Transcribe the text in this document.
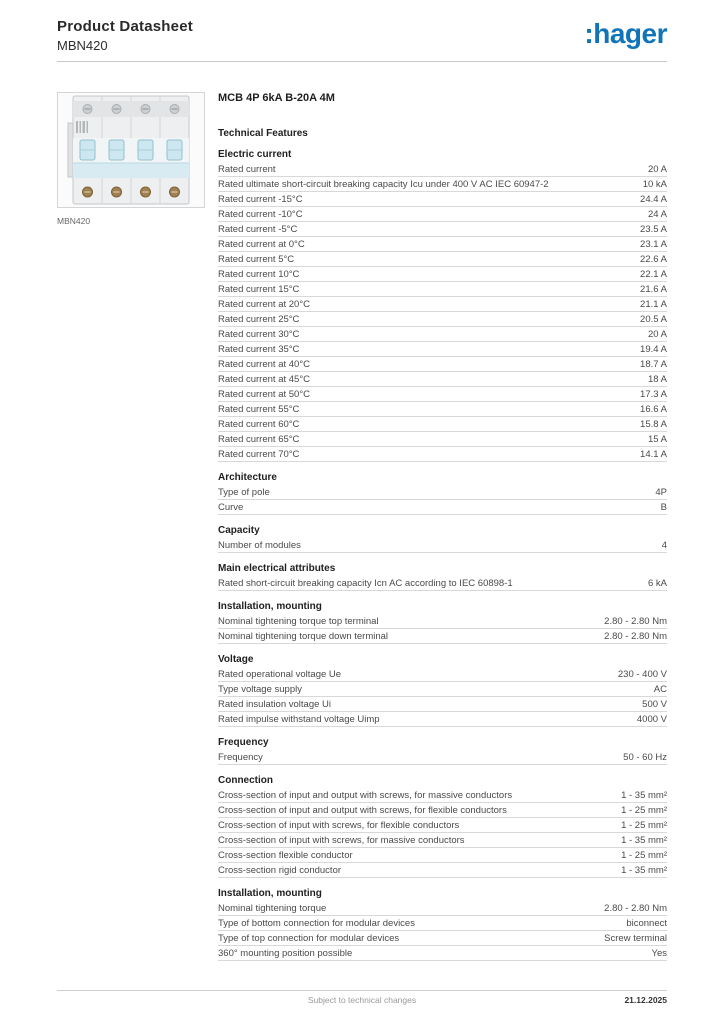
Product Datasheet
MBN420	:hager
MBN420
MCB 4P 6kA B-20A 4M
Technical Features
Electric current
Rated current	20 A
Rated ultimate short-circuit breaking capacity Icu under 400 V AC IEC 60947-2	10 kA
Rated current -15°C	24.4 A
Rated current -10°C	24 A
Rated current -5°C	23.5 A
Rated current at 0°C	23.1 A
Rated current 5°C	22.6 A
Rated current 10°C	22.1 A
Rated current 15°C	21.6 A
Rated current at 20°C	21.1 A
Rated current 25°C	20.5 A
Rated current 30°C	20 A
Rated current 35°C	19.4 A
Rated current at 40°C	18.7 A
Rated current at 45°C	18 A
Rated current at 50°C	17.3 A
Rated current 55°C	16.6 A
Rated current 60°C	15.8 A
Rated current 65°C	15 A
Rated current 70°C	14.1 A
Architecture
Type of pole	4P
Curve	B
Capacity
Number of modules	4
Main electrical attributes
Rated short-circuit breaking capacity Icn AC according to IEC 60898-1	6 kA
Installation, mounting
Nominal tightening torque top terminal	2.80 - 2.80 Nm
Nominal tightening torque down terminal	2.80 - 2.80 Nm
Voltage
Rated operational voltage Ue	230 - 400 V
Type voltage supply	AC
Rated insulation voltage Ui	500 V
Rated impulse withstand voltage Uimp	4000 V
Frequency
Frequency	50 - 60 Hz
Connection
Cross-section of input and output with screws, for massive conductors	1 - 35 mm²
Cross-section of input and output with screws, for flexible conductors	1 - 25 mm²
Cross-section of input with screws, for flexible conductors	1 - 25 mm²
Cross-section of input with screws, for massive conductors	1 - 35 mm²
Cross-section flexible conductor	1 - 25 mm²
Cross-section rigid conductor	1 - 35 mm²
Installation, mounting
Nominal tightening torque	2.80 - 2.80 Nm
Type of bottom connection for modular devices	biconnect
Type of top connection for modular devices	Screw terminal
360° mounting position possible	Yes
Subject to technical changes	21.12.2025
